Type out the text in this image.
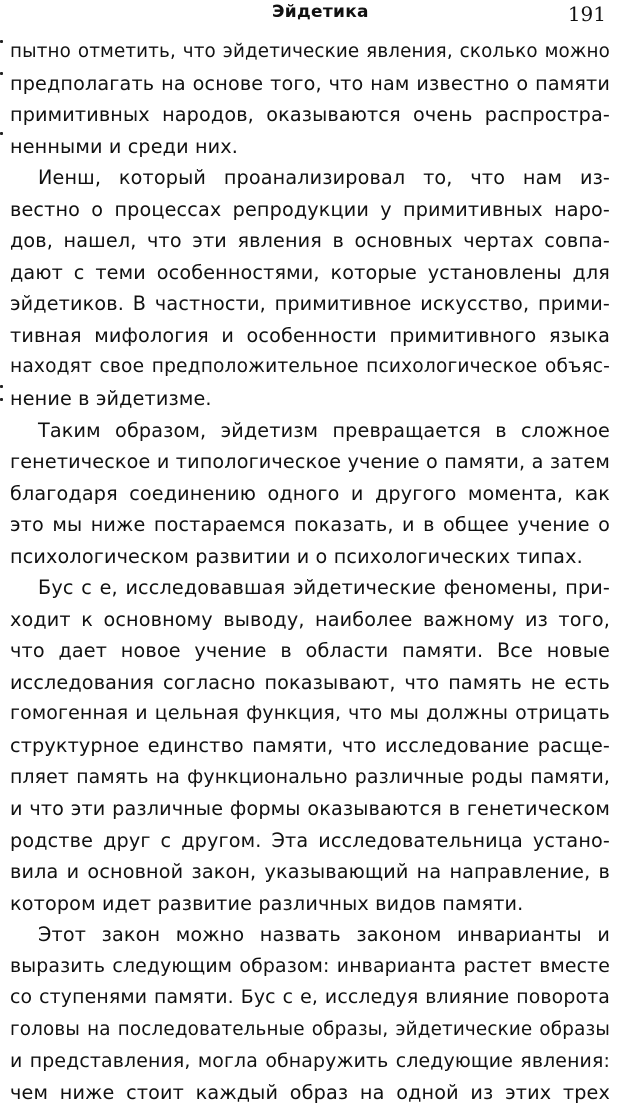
Эйдетика	191
пытно отметить, что эйдетические явления, сколько можно
предполагать на основе того, что нам известно о памяти
примитивных народов, оказываются очень распростра-
ненными и среди них.
Иенш, который проанализировал то, что нам из-
вестно о процессах репродукции у примитивных наро-
дов, нашел, что эти явления в основных чертах совпа-
дают с теми особенностями, которые установлены для
эйдетиков. В частности, примитивное искусство, прими-
тивная мифология и особенности примитивного языка
находят свое предположительное психологическое объяс-
нение в эйдетизме.
Таким образом, эйдетизм превращается в сложное
генетическое и типологическое учение о памяти, а затем
благодаря соединению одного и другого момента, как
это мы ниже постараемся показать, и в общее учение о
психологическом развитии и о психологических типах.
Бус с е, исследовавшая эйдетические феномены, при-
ходит к основному выводу, наиболее важному из того,
что дает новое учение в области памяти. Все новые
исследования согласно показывают, что память не есть
гомогенная и цельная функция, что мы должны отрицать
структурное единство памяти, что исследование расще-
пляет память на функционально различные роды памяти,
и что эти различные формы оказываются в генетическом
родстве друг с другом. Эта исследовательница устано-
вила и основной закон, указывающий на направление, в
котором идет развитие различных видов памяти.
Этот закон можно назвать законом инварианты и
выразить следующим образом: инварианта растет вместе
со ступенями памяти. Бус с е, исследуя влияние поворота
головы на последовательные образы, эйдетические образы
и представления, могла обнаружить следующие явления:
чем ниже стоит каждый образ на одной из этих трех
